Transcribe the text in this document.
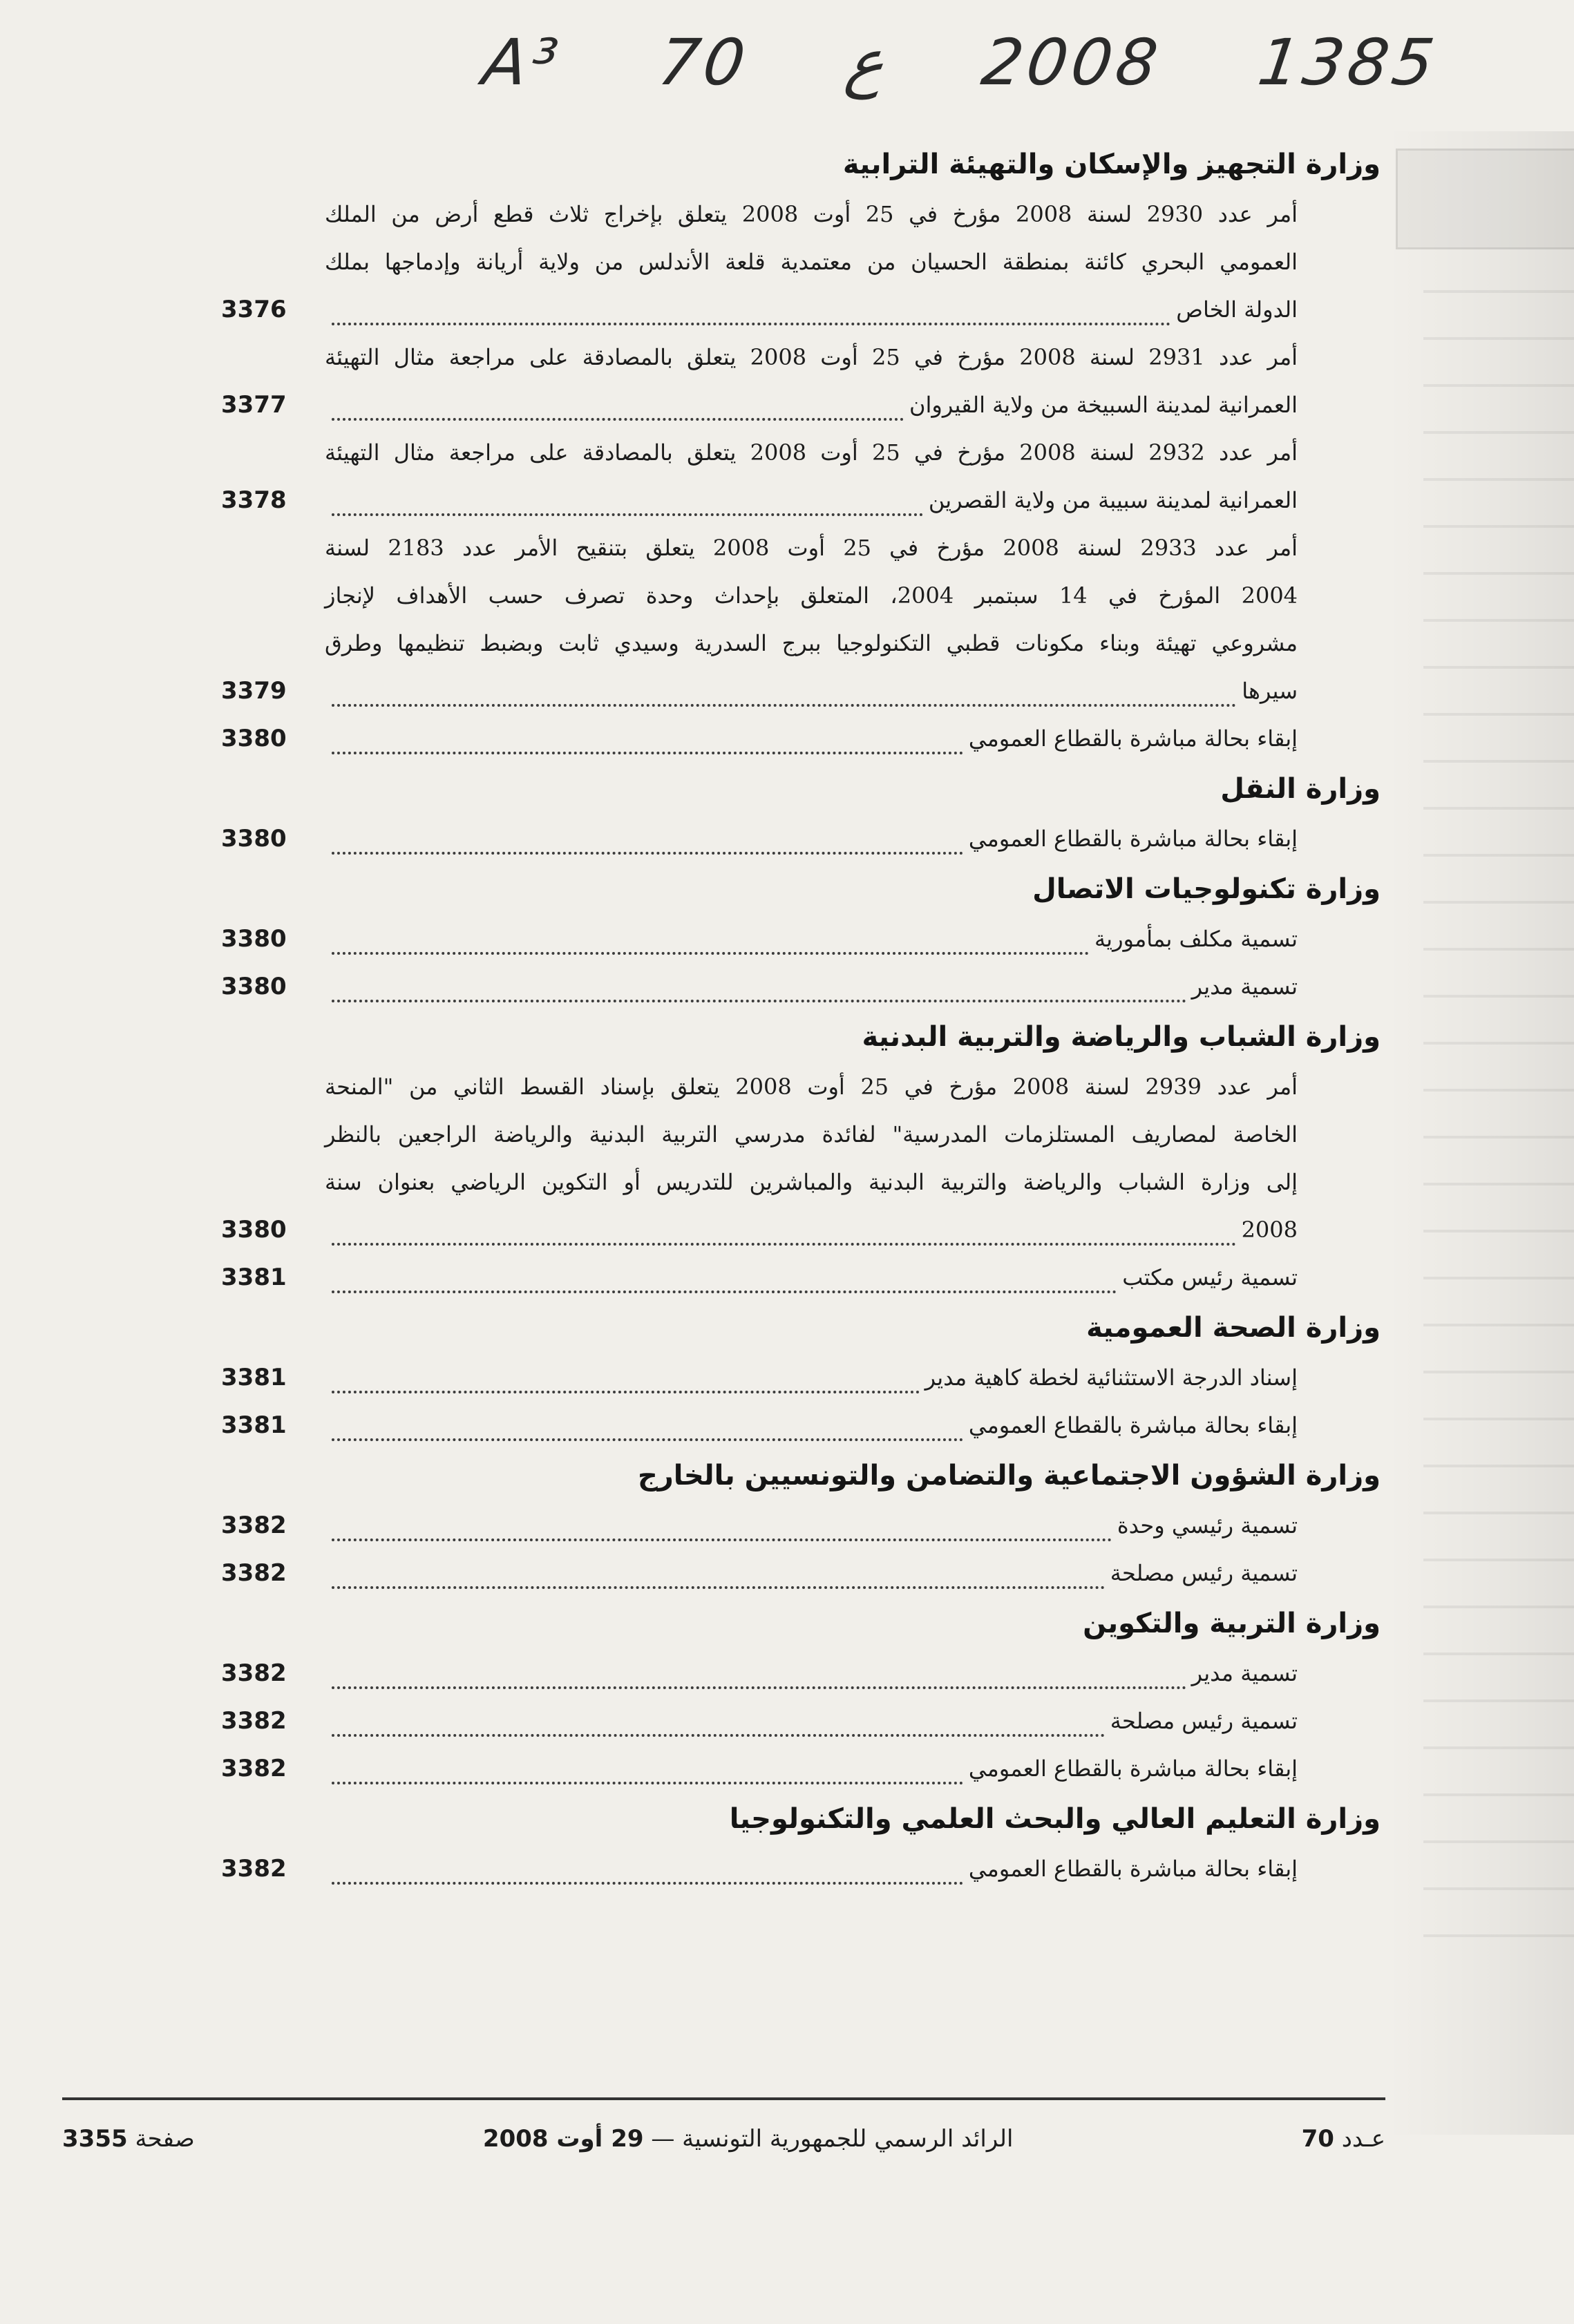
A³ 70 ع 2008 1385
وزارة التجهيز والإسكان والتهيئة الترابية
أمر عدد 2930 لسنة 2008 مؤرخ في 25 أوت 2008 يتعلق بإخراج ثلاث قطع أرض من الملك
العمومي البحري كائنة بمنطقة الحسيان من معتمدية قلعة الأندلس من ولاية أريانة وإدماجها بملك
الدولة الخاص
3376
أمر عدد 2931 لسنة 2008 مؤرخ في 25 أوت 2008 يتعلق بالمصادقة على مراجعة مثال التهيئة
العمرانية لمدينة السبيخة من ولاية القيروان
3377
أمر عدد 2932 لسنة 2008 مؤرخ في 25 أوت 2008 يتعلق بالمصادقة على مراجعة مثال التهيئة
العمرانية لمدينة سبيبة من ولاية القصرين
3378
أمر عدد 2933 لسنة 2008 مؤرخ في 25 أوت 2008 يتعلق بتنقيح الأمر عدد 2183 لسنة
2004 المؤرخ في 14 سبتمبر 2004، المتعلق بإحداث وحدة تصرف حسب الأهداف لإنجاز
مشروعي تهيئة وبناء مكونات قطبي التكنولوجيا ببرج السدرية وسيدي ثابت وبضبط تنظيمها وطرق
سيرها
3379
إبقاء بحالة مباشرة بالقطاع العمومي
3380
وزارة النقل
إبقاء بحالة مباشرة بالقطاع العمومي
3380
وزارة تكنولوجيات الاتصال
تسمية مكلف بمأمورية
3380
تسمية مدير
3380
وزارة الشباب والرياضة والتربية البدنية
أمر عدد 2939 لسنة 2008 مؤرخ في 25 أوت 2008 يتعلق بإسناد القسط الثاني من "المنحة
الخاصة لمصاريف المستلزمات المدرسية" لفائدة مدرسي التربية البدنية والرياضة الراجعين بالنظر
إلى وزارة الشباب والرياضة والتربية البدنية والمباشرين للتدريس أو التكوين الرياضي بعنوان سنة
2008
3380
تسمية رئيس مكتب
3381
وزارة الصحة العمومية
إسناد الدرجة الاستثنائية لخطة كاهية مدير
3381
إبقاء بحالة مباشرة بالقطاع العمومي
3381
وزارة الشؤون الاجتماعية والتضامن والتونسيين بالخارج
تسمية رئيسي وحدة
3382
تسمية رئيس مصلحة
3382
وزارة التربية والتكوين
تسمية مدير
3382
تسمية رئيس مصلحة
3382
إبقاء بحالة مباشرة بالقطاع العمومي
3382
وزارة التعليم العالي والبحث العلمي والتكنولوجيا
إبقاء بحالة مباشرة بالقطاع العمومي
3382
صفحة 3355	الرائد الرسمي للجمهورية التونسية — 29 أوت 2008	عـدد 70
